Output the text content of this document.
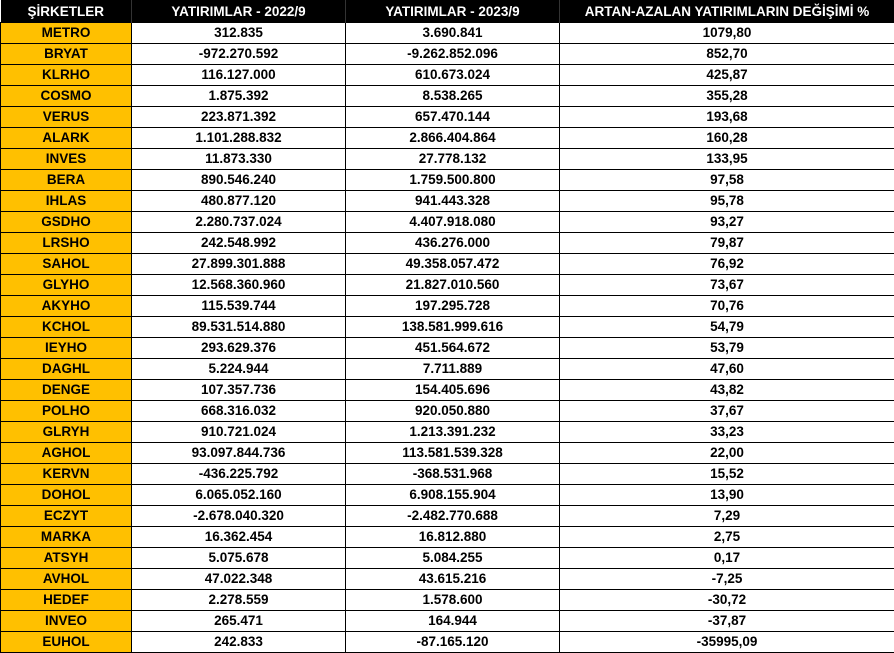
ŞİRKETLER	YATIRIMLAR - 2022/9	YATIRIMLAR - 2023/9	ARTAN-AZALAN YATIRIMLARIN DEĞİŞİMİ %
METRO	312.835	3.690.841	1079,80
BRYAT	-972.270.592	-9.262.852.096	852,70
KLRHO	116.127.000	610.673.024	425,87
COSMO	1.875.392	8.538.265	355,28
VERUS	223.871.392	657.470.144	193,68
ALARK	1.101.288.832	2.866.404.864	160,28
INVES	11.873.330	27.778.132	133,95
BERA	890.546.240	1.759.500.800	97,58
IHLAS	480.877.120	941.443.328	95,78
GSDHO	2.280.737.024	4.407.918.080	93,27
LRSHO	242.548.992	436.276.000	79,87
SAHOL	27.899.301.888	49.358.057.472	76,92
GLYHO	12.568.360.960	21.827.010.560	73,67
AKYHO	115.539.744	197.295.728	70,76
KCHOL	89.531.514.880	138.581.999.616	54,79
IEYHO	293.629.376	451.564.672	53,79
DAGHL	5.224.944	7.711.889	47,60
DENGE	107.357.736	154.405.696	43,82
POLHO	668.316.032	920.050.880	37,67
GLRYH	910.721.024	1.213.391.232	33,23
AGHOL	93.097.844.736	113.581.539.328	22,00
KERVN	-436.225.792	-368.531.968	15,52
DOHOL	6.065.052.160	6.908.155.904	13,90
ECZYT	-2.678.040.320	-2.482.770.688	7,29
MARKA	16.362.454	16.812.880	2,75
ATSYH	5.075.678	5.084.255	0,17
AVHOL	47.022.348	43.615.216	-7,25
HEDEF	2.278.559	1.578.600	-30,72
INVEO	265.471	164.944	-37,87
EUHOL	242.833	-87.165.120	-35995,09
